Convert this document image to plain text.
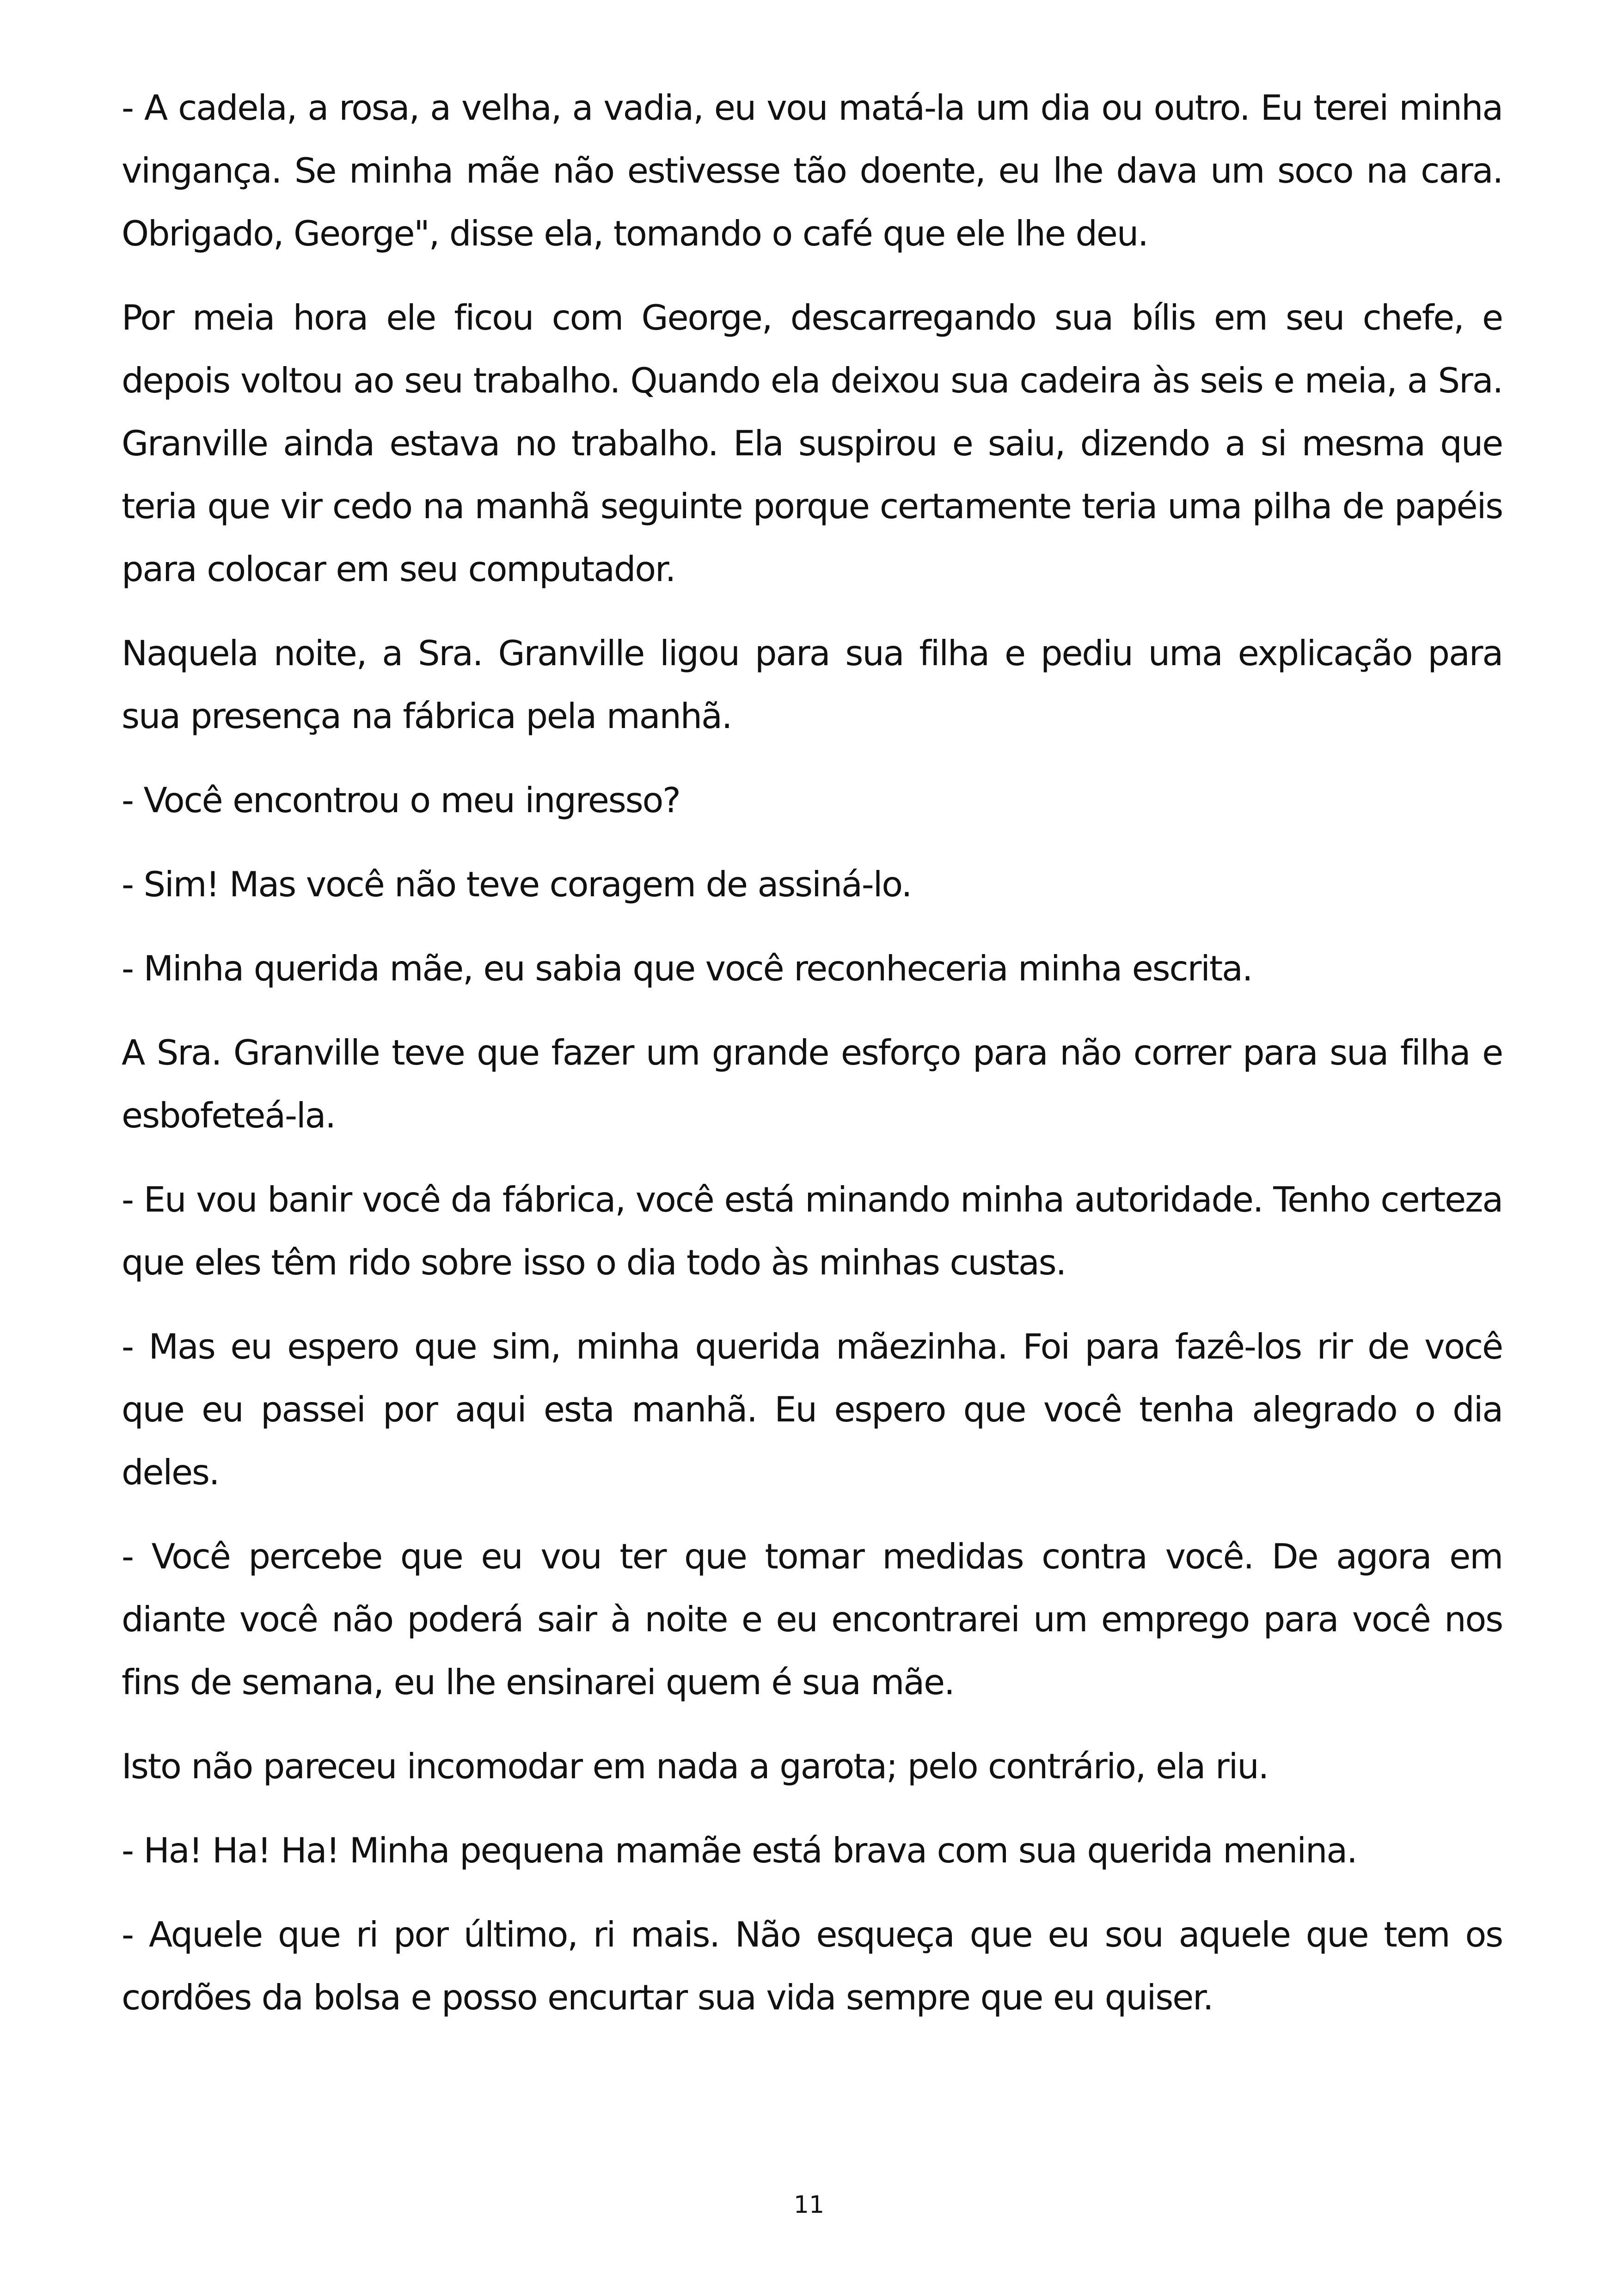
- A cadela, a rosa, a velha, a vadia, eu vou matá-la um dia ou outro. Eu terei minha vingança. Se minha mãe não estivesse tão doente, eu lhe dava um soco na cara. Obrigado, George", disse ela, tomando o café que ele lhe deu.

Por meia hora ele ficou com George, descarregando sua bílis em seu chefe, e depois voltou ao seu trabalho. Quando ela deixou sua cadeira às seis e meia, a Sra. Granville ainda estava no trabalho. Ela suspirou e saiu, dizendo a si mesma que teria que vir cedo na manhã seguinte porque certamente teria uma pilha de papéis para colocar em seu computador.

Naquela noite, a Sra. Granville ligou para sua filha e pediu uma explicação para sua presença na fábrica pela manhã.

- Você encontrou o meu ingresso?

- Sim! Mas você não teve coragem de assiná-lo.

- Minha querida mãe, eu sabia que você reconheceria minha escrita.

A Sra. Granville teve que fazer um grande esforço para não correr para sua filha e esbofeteá-la.

- Eu vou banir você da fábrica, você está minando minha autoridade. Tenho certeza que eles têm rido sobre isso o dia todo às minhas custas.

- Mas eu espero que sim, minha querida mãezinha. Foi para fazê-los rir de você que eu passei por aqui esta manhã. Eu espero que você tenha alegrado o dia deles.

- Você percebe que eu vou ter que tomar medidas contra você. De agora em diante você não poderá sair à noite e eu encontrarei um emprego para você nos fins de semana, eu lhe ensinarei quem é sua mãe.

Isto não pareceu incomodar em nada a garota; pelo contrário, ela riu.

- Ha! Ha! Ha! Minha pequena mamãe está brava com sua querida menina.

- Aquele que ri por último, ri mais. Não esqueça que eu sou aquele que tem os cordões da bolsa e posso encurtar sua vida sempre que eu quiser.

11
